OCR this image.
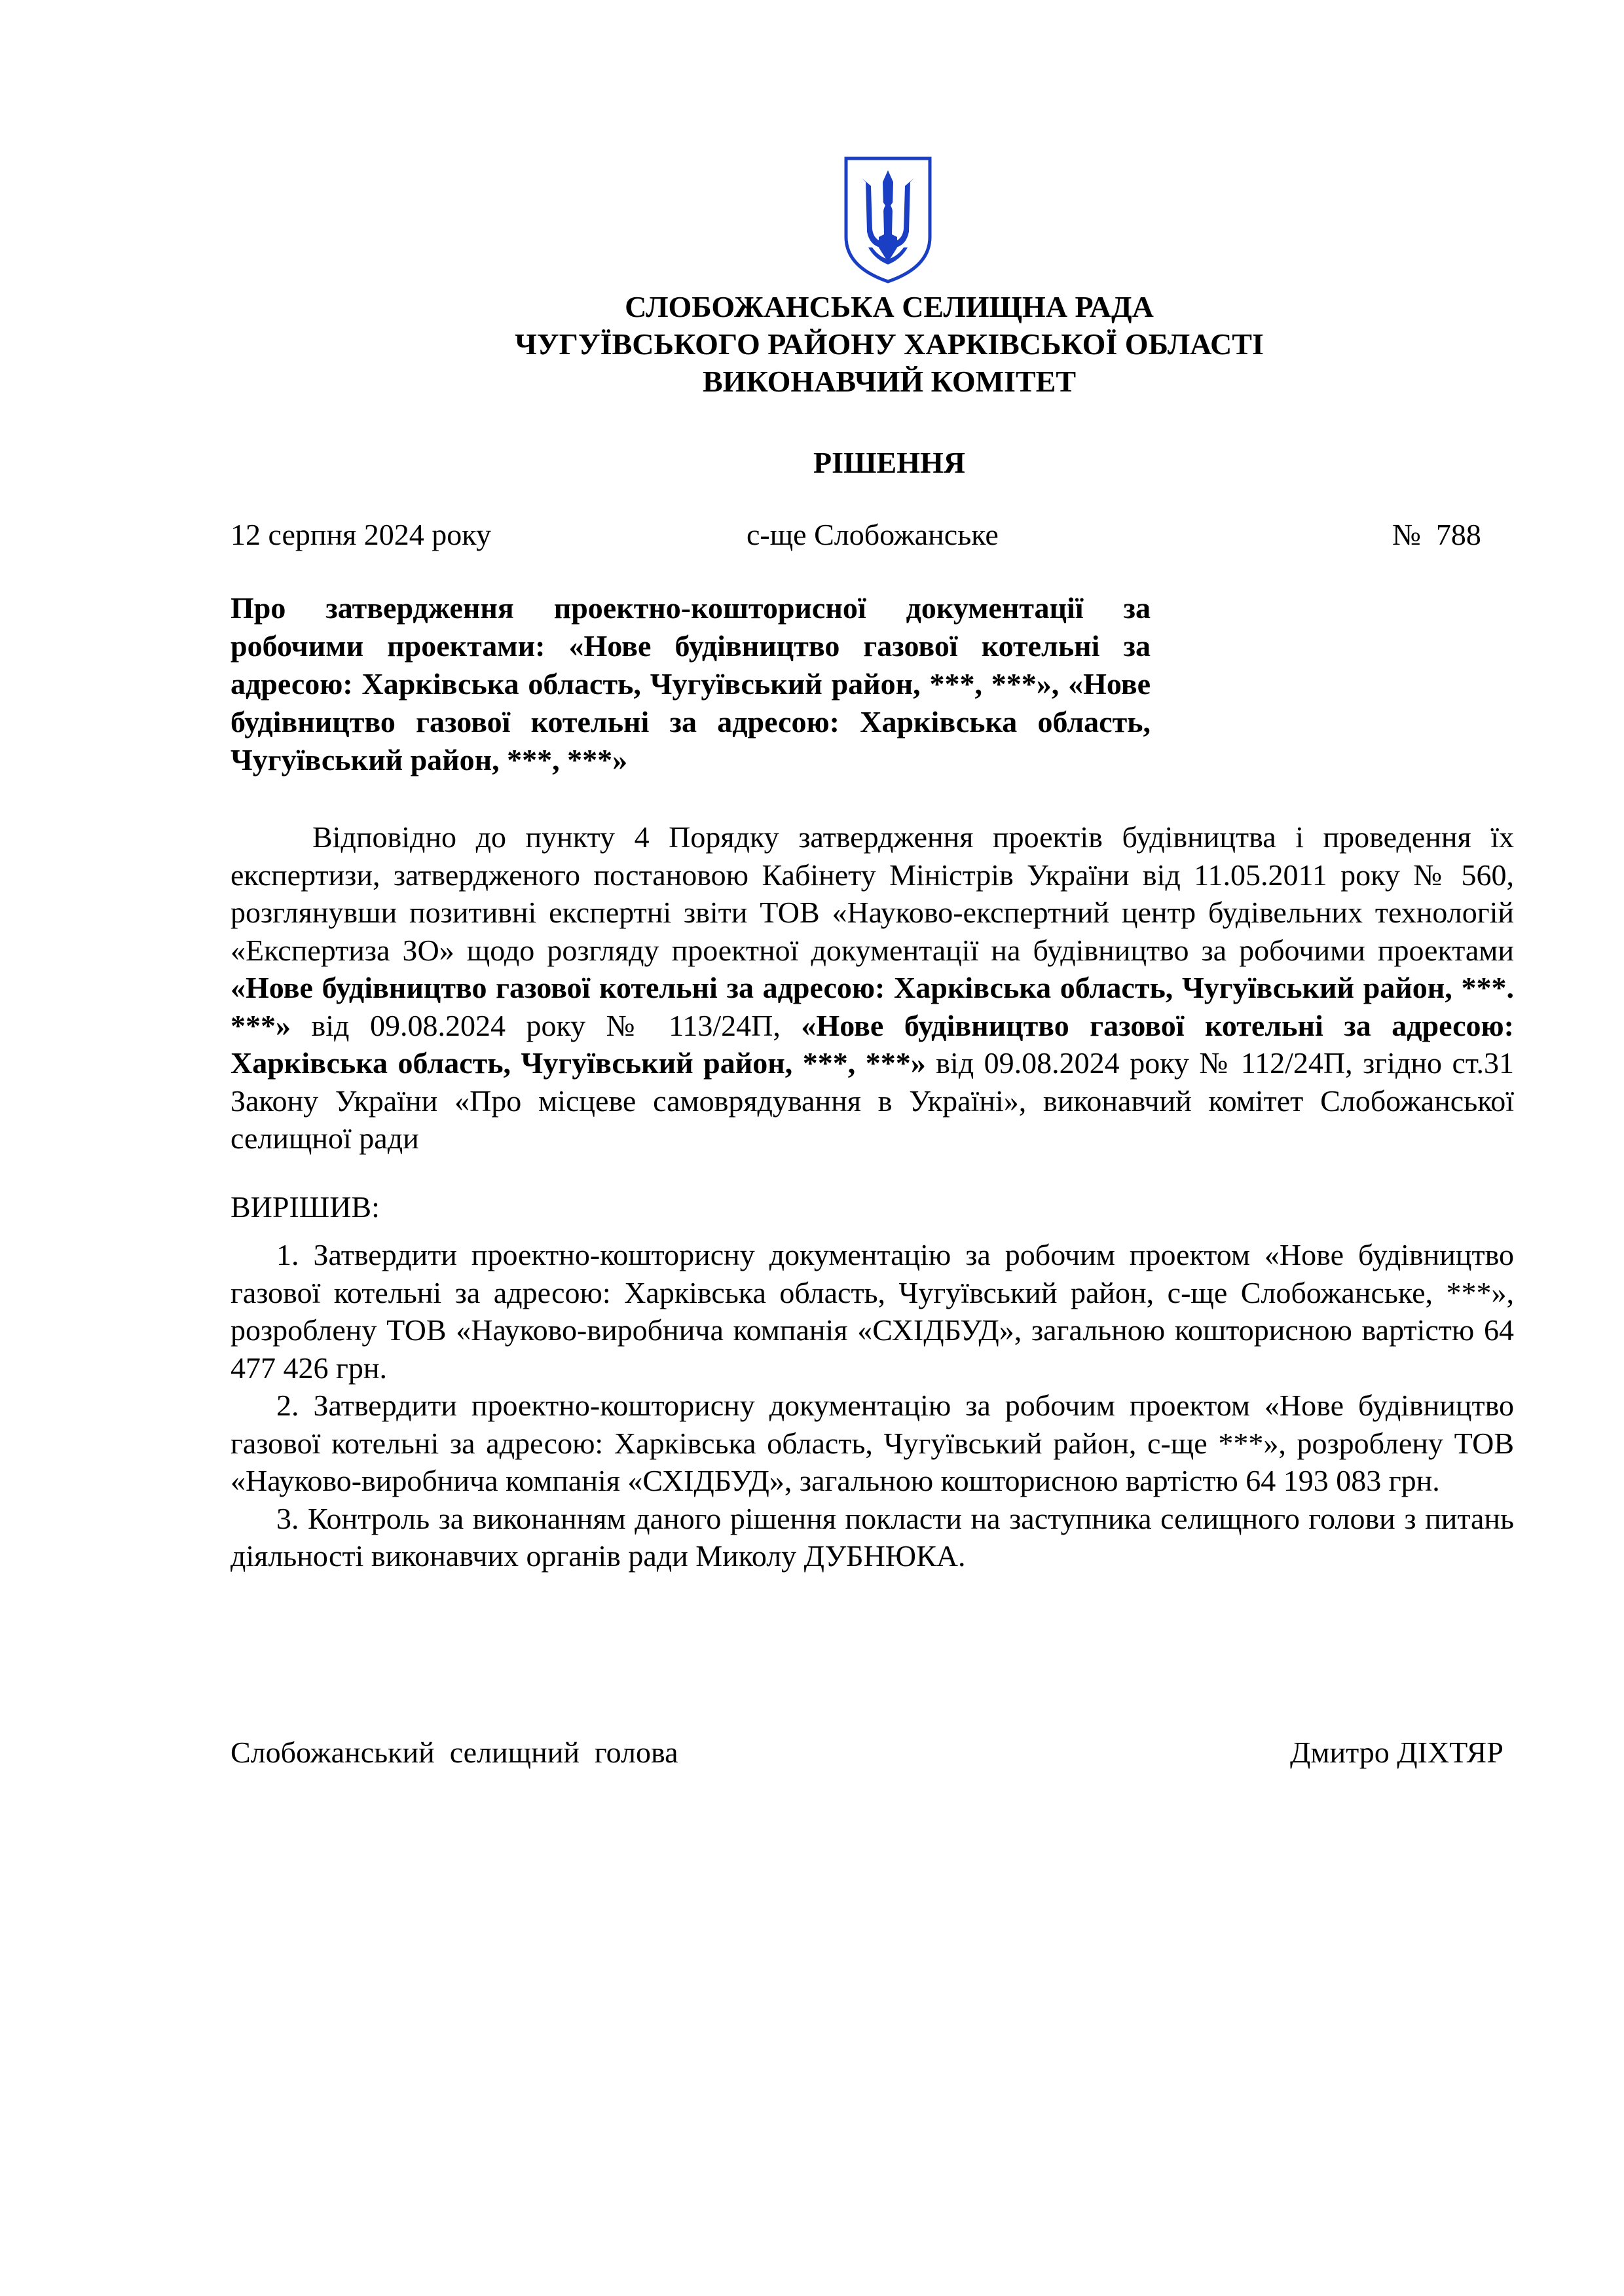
СЛОБОЖАНСЬКА СЕЛИЩНА РАДА
ЧУГУЇВСЬКОГО РАЙОНУ ХАРКІВСЬКОЇ ОБЛАСТІ
ВИКОНАВЧИЙ КОМІТЕТ
РІШЕННЯ
12 серпня 2024 року	с-ще Слобожанське	№  788
Про затвердження проектно-кошторисної документації за робочими проектами: «Нове будівництво газової котельні за адресою: Харківська область, Чугуївський район, ***, ***», «Нове будівництво газової котельні за адресою: Харківська область, Чугуївський район, ***, ***»
Відповідно до пункту 4 Порядку затвердження проектів будівництва і проведення їх експертизи, затвердженого постановою Кабінету Міністрів України від 11.05.2011 року № 560, розглянувши позитивні експертні звіти ТОВ «Науково-експертний центр будівельних технологій «Експертиза ЗО» щодо розгляду проектної документації на будівництво за робочими проектами «Нове будівництво газової котельні за адресою: Харківська область, Чугуївський район, ***. ***» від 09.08.2024 року № 113/24П, «Нове будівництво газової котельні за адресою: Харківська область, Чугуївський район, ***, ***» від 09.08.2024 року № 112/24П, згідно ст.31 Закону України «Про місцеве самоврядування в Україні», виконавчий комітет Слобожанської селищної ради
ВИРІШИВ:

1. Затвердити проектно-кошторисну документацію за робочим проектом «Нове будівництво газової котельні за адресою: Харківська область, Чугуївський район, с-ще Слобожанське, ***», розроблену ТОВ «Науково-виробнича компанія «СХІДБУД», загальною кошторисною вартістю 64 477 426 грн.

2. Затвердити проектно-кошторисну документацію за робочим проектом «Нове будівництво газової котельні за адресою: Харківська область, Чугуївський район, с-ще ***», розроблену ТОВ «Науково-виробнича компанія «СХІДБУД», загальною кошторисною вартістю 64 193 083 грн.

3. Контроль за виконанням даного рішення покласти на заступника селищного голови з питань діяльності виконавчих органів ради Миколу ДУБНЮКА.

Слобожанський  селищний  голова	Дмитро ДІХТЯР
